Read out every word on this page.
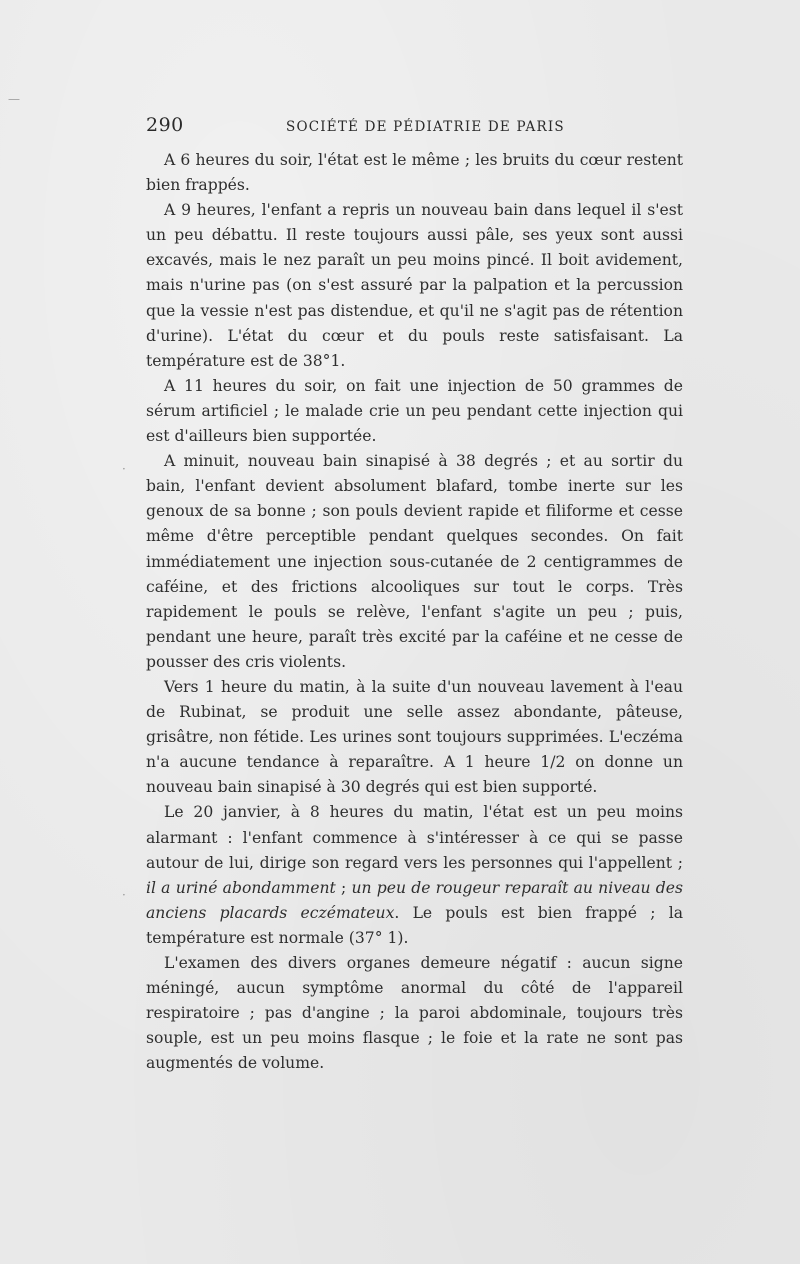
290	SOCIÉTÉ DE PÉDIATRIE DE PARIS

A 6 heures du soir, l'état est le même ; les bruits du cœur restent bien frappés.

A 9 heures, l'enfant a repris un nouveau bain dans lequel il s'est un peu débattu. Il reste toujours aussi pâle, ses yeux sont aussi excavés, mais le nez paraît un peu moins pincé. Il boit avidement, mais n'urine pas (on s'est assuré par la palpation et la percussion que la vessie n'est pas distendue, et qu'il ne s'agit pas de rétention d'urine). L'état du cœur et du pouls reste satisfaisant. La température est de 38°1.

A 11 heures du soir, on fait une injection de 50 grammes de sérum artificiel ; le malade crie un peu pendant cette injection qui est d'ailleurs bien supportée.

A minuit, nouveau bain sinapisé à 38 degrés ; et au sortir du bain, l'enfant devient absolument blafard, tombe inerte sur les genoux de sa bonne ; son pouls devient rapide et filiforme et cesse même d'être perceptible pendant quelques secondes. On fait immédiatement une injection sous-cutanée de 2 centigrammes de caféine, et des frictions alcooliques sur tout le corps. Très rapidement le pouls se relève, l'enfant s'agite un peu ; puis, pendant une heure, paraît très excité par la caféine et ne cesse de pousser des cris violents.

Vers 1 heure du matin, à la suite d'un nouveau lavement à l'eau de Rubinat, se produit une selle assez abondante, pâteuse, grisâtre, non fétide. Les urines sont toujours supprimées. L'eczéma n'a aucune tendance à reparaître. A 1 heure 1/2 on donne un nouveau bain sinapisé à 30 degrés qui est bien supporté.

Le 20 janvier, à 8 heures du matin, l'état est un peu moins alarmant : l'enfant commence à s'intéresser à ce qui se passe autour de lui, dirige son regard vers les personnes qui l'appellent ; il a uriné abondamment ; un peu de rougeur reparaît au niveau des anciens placards eczémateux. Le pouls est bien frappé ; la température est normale (37° 1).

L'examen des divers organes demeure négatif : aucun signe méningé, aucun symptôme anormal du côté de l'appareil respiratoire ; pas d'angine ; la paroi abdominale, toujours très souple, est un peu moins flasque ; le foie et la rate ne sont pas augmentés de volume.

—
·
·
